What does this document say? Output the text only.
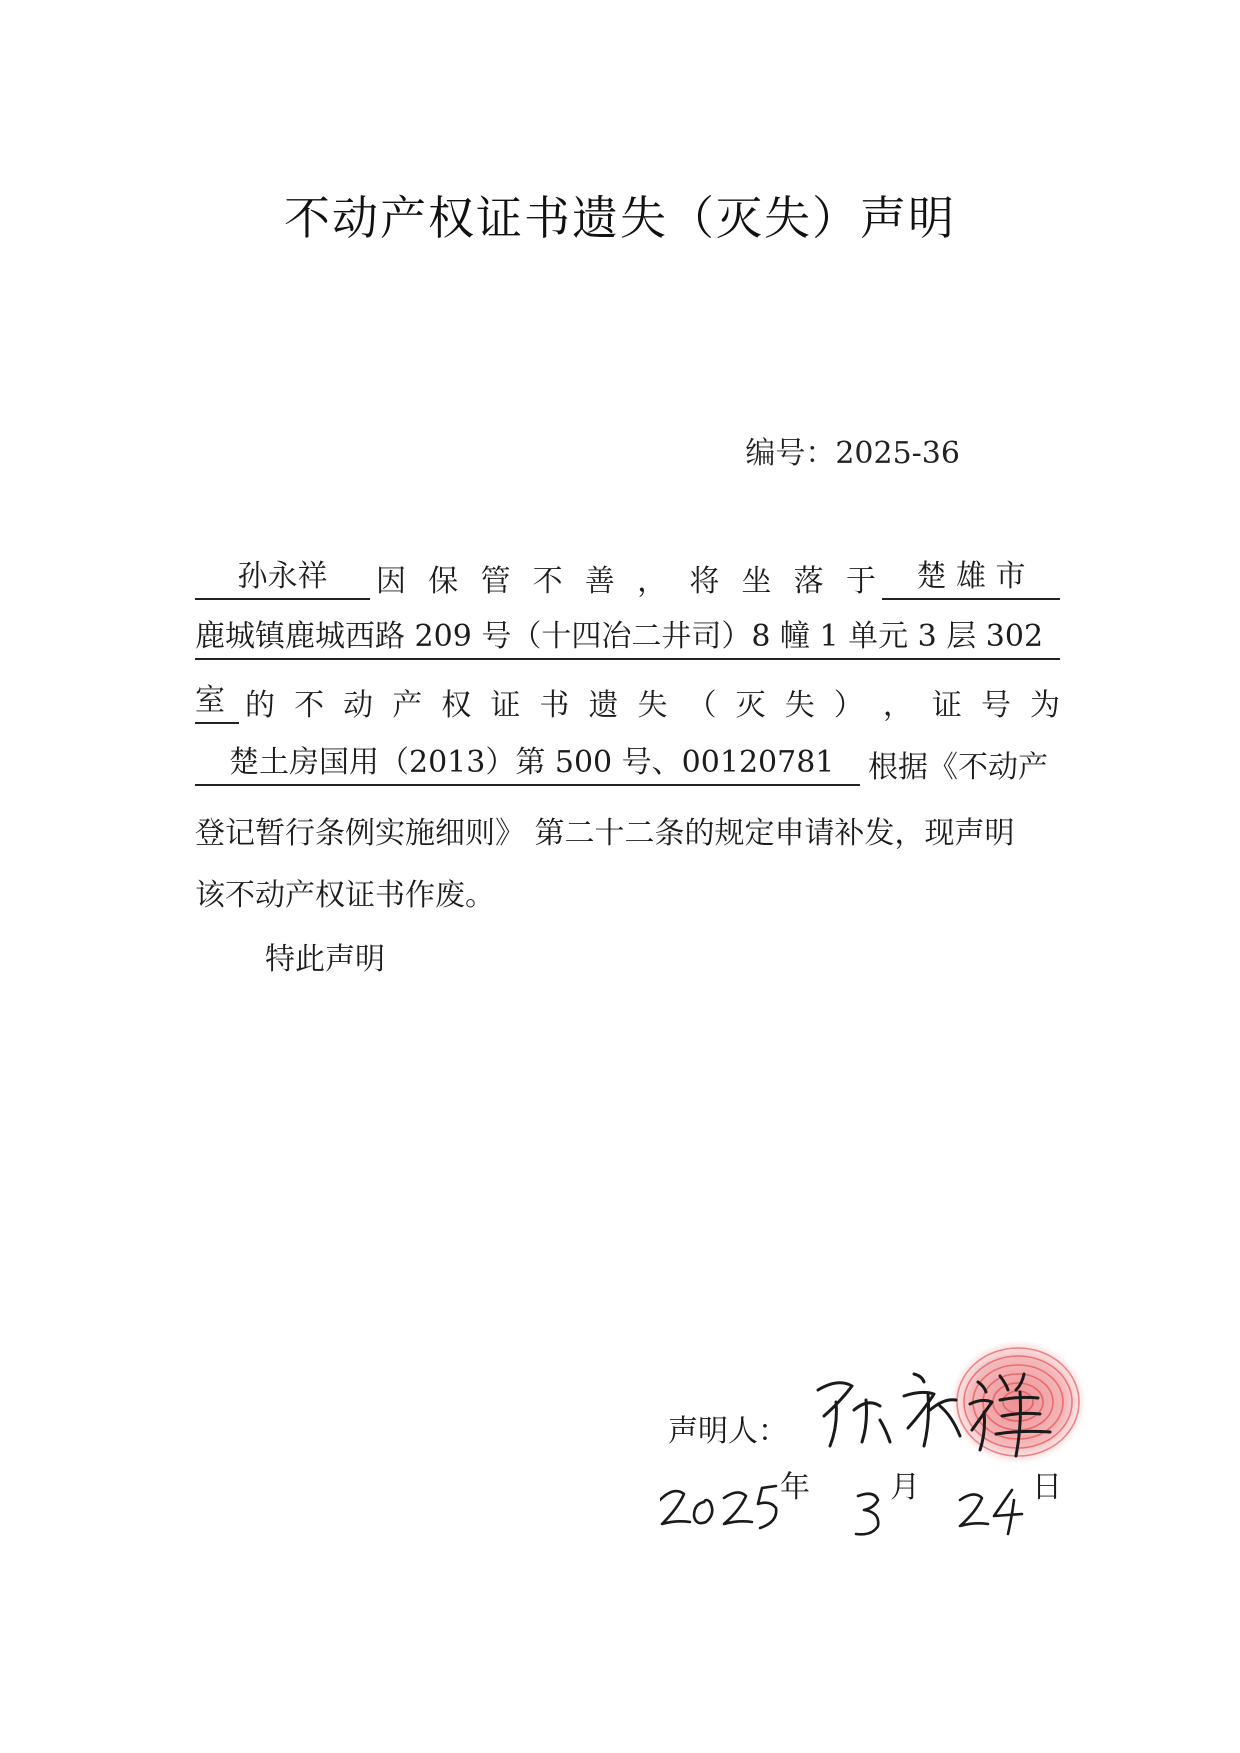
不动产权证书遗失（灭失）声明
编号：2025-36
孙永祥	因 保 管 不 善 ， 将 坐 落 于	楚 雄 市
鹿城镇鹿城西路 209 号（十四冶二井司）8 幢 1 单元 3 层 302
室 的 不 动 产 权 证 书 遗 失 （ 灭 失 ） ， 证 号 为
楚土房国用（2013）第 500 号、00120781	根据《不动产
登记暂行条例实施细则》 第二十二条的规定申请补发，现声明
该不动产权证书作废。
特此声明
声明人：
年	月	日
